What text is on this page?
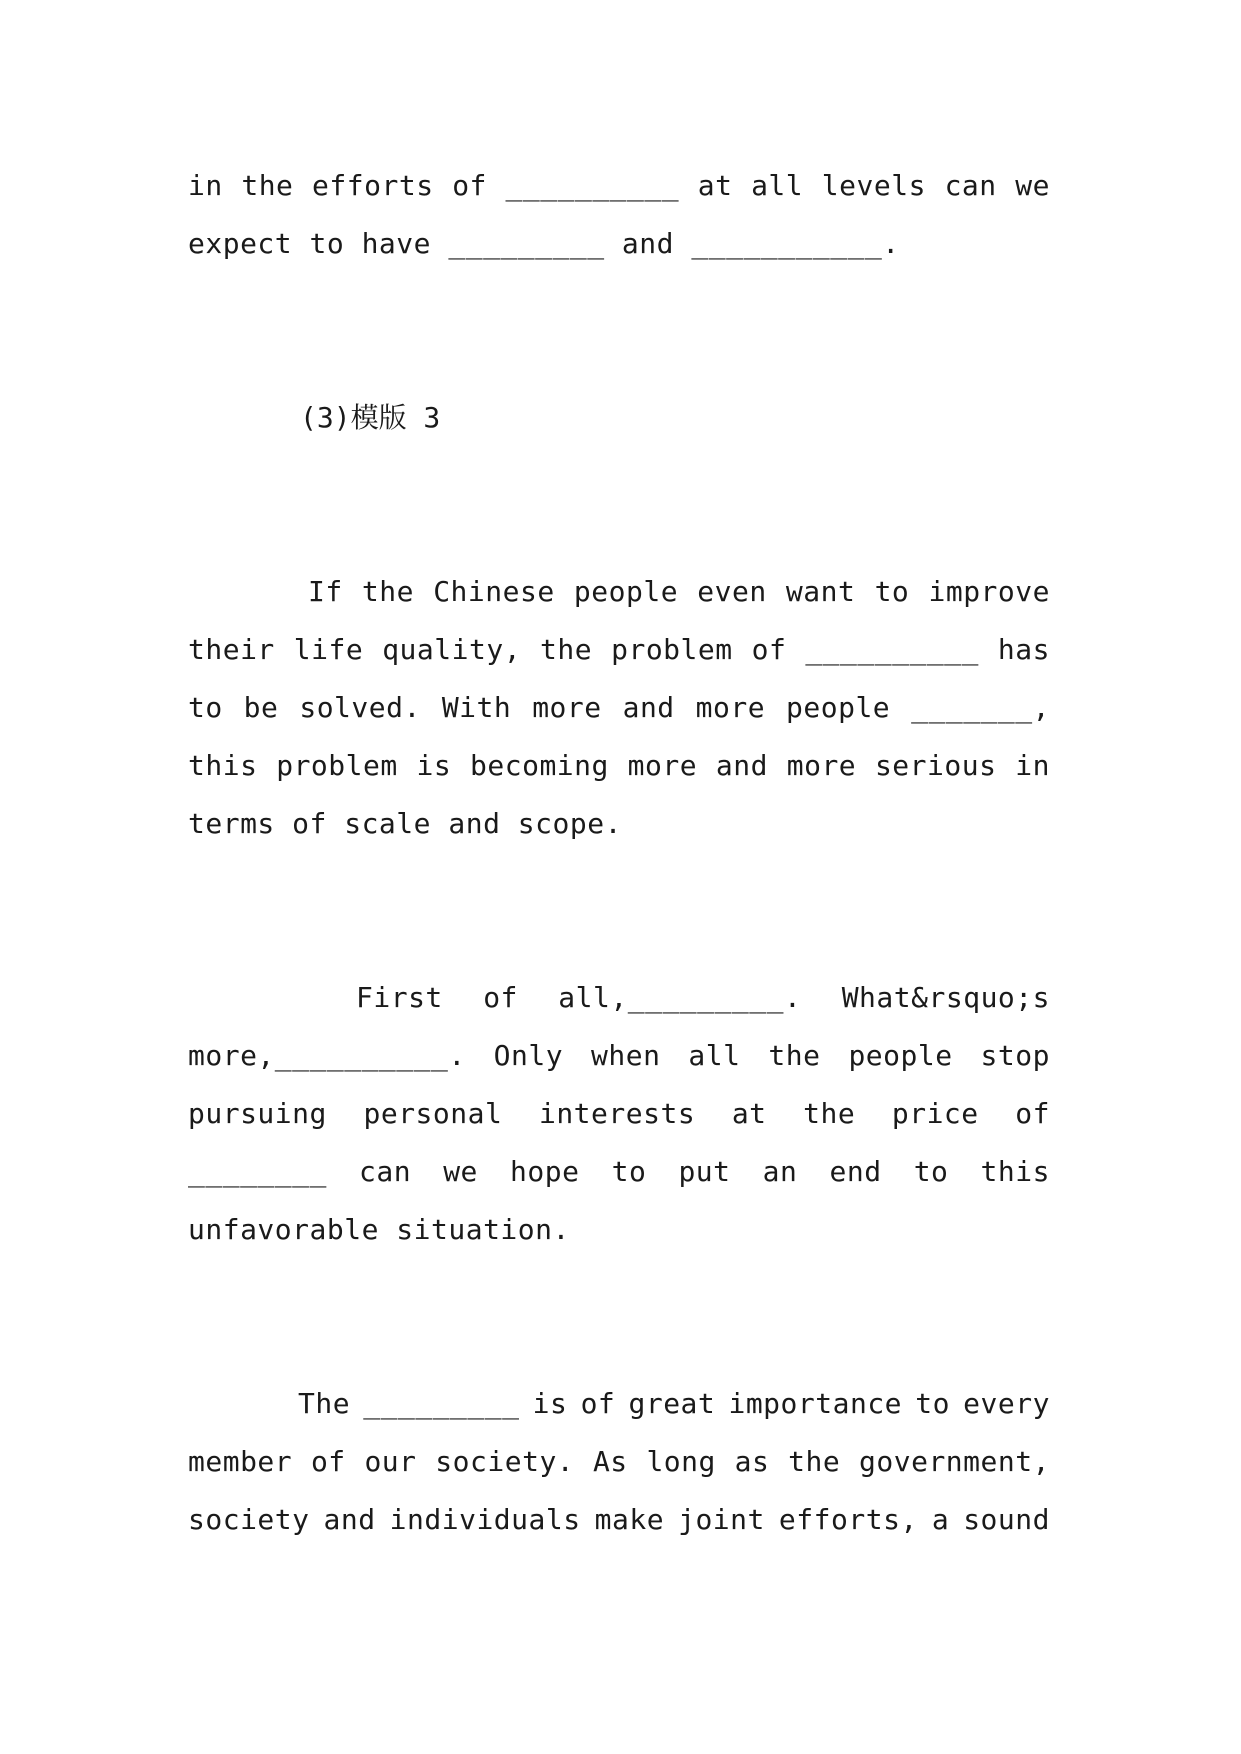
in the efforts of __________ at all levels can we
expect to have _________ and ___________.
(3)模版 3
If the Chinese people even want to improve
their life quality, the problem of __________ has
to be solved. With more and more people _______,
this problem is becoming more and more serious in
terms of scale and scope.
First of all,_________. What&rsquo;s
more,__________. Only when all the people stop
pursuing personal interests at the price of
________ can we hope to put an end to this
unfavorable situation.
The _________ is of great importance to every
member of our society. As long as the government,
society and individuals make joint efforts, a sound
